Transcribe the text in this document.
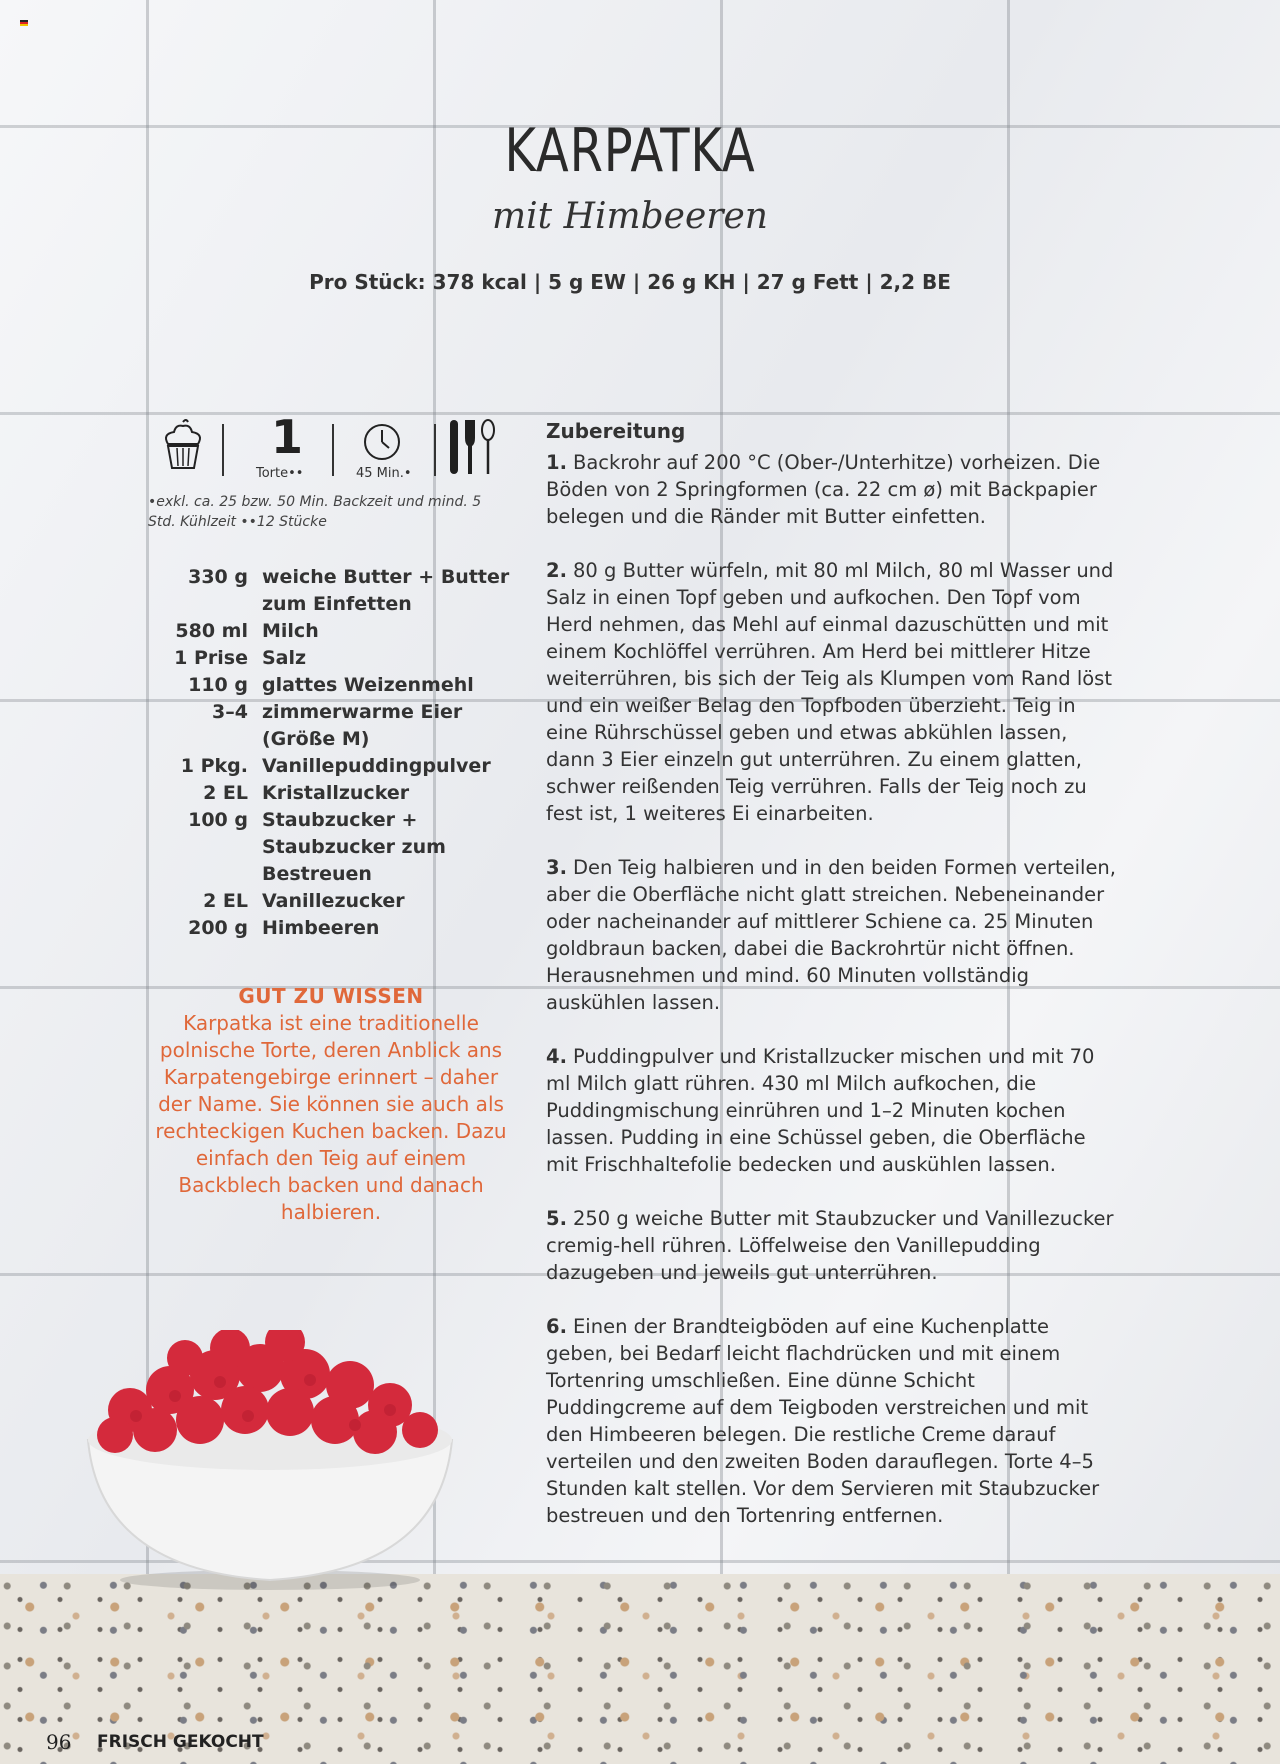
KARPATKA
mit Himbeeren
Pro Stück: 378 kcal | 5 g EW | 26 g KH | 27 g Fett | 2,2 BE
1
Torte••	45 Min.•
•exkl. ca. 25 bzw. 50 Min. Backzeit und mind. 5 Std. Kühlzeit ••12 Stücke
330 g weiche Butter + Butter zum Einfetten
580 ml Milch
1 Prise Salz
110 g glattes Weizenmehl
3–4 zimmerwarme Eier (Größe M)
1 Pkg. Vanillepuddingpulver
2 EL Kristallzucker
100 g Staubzucker + Staubzucker zum Bestreuen
2 EL Vanillezucker
200 g Himbeeren
GUT ZU WISSEN
Karpatka ist eine traditionelle polnische Torte, deren Anblick ans Karpatengebirge erinnert – daher der Name. Sie können sie auch als rechteckigen Kuchen backen. Dazu einfach den Teig auf einem Backblech backen und danach halbieren.
Zubereitung
1. Backrohr auf 200 °C (Ober-/Unterhitze) vorheizen. Die Böden von 2 Springformen (ca. 22 cm ø) mit Backpapier belegen und die Ränder mit Butter einfetten.
2. 80 g Butter würfeln, mit 80 ml Milch, 80 ml Wasser und Salz in einen Topf geben und aufkochen. Den Topf vom Herd nehmen, das Mehl auf einmal dazuschütten und mit einem Kochlöffel verrühren. Am Herd bei mittlerer Hitze weiterrühren, bis sich der Teig als Klumpen vom Rand löst und ein weißer Belag den Topfboden überzieht. Teig in eine Rührschüssel geben und etwas abkühlen lassen, dann 3 Eier einzeln gut unterrühren. Zu einem glatten, schwer reißenden Teig verrühren. Falls der Teig noch zu fest ist, 1 weiteres Ei einarbeiten.
3. Den Teig halbieren und in den beiden Formen verteilen, aber die Oberfläche nicht glatt streichen. Nebeneinander oder nacheinander auf mittlerer Schiene ca. 25 Minuten goldbraun backen, dabei die Backrohrtür nicht öffnen. Herausnehmen und mind. 60 Minuten vollständig auskühlen lassen.
4. Puddingpulver und Kristallzucker mischen und mit 70 ml Milch glatt rühren. 430 ml Milch aufkochen, die Puddingmischung einrühren und 1–2 Minuten kochen lassen. Pudding in eine Schüssel geben, die Oberfläche mit Frischhaltefolie bedecken und auskühlen lassen.
5. 250 g weiche Butter mit Staubzucker und Vanillezucker cremig-hell rühren. Löffelweise den Vanillepudding dazugeben und jeweils gut unterrühren.
6. Einen der Brandteigböden auf eine Kuchenplatte geben, bei Bedarf leicht flachdrücken und mit einem Tortenring umschließen. Eine dünne Schicht Puddingcreme auf dem Teigboden verstreichen und mit den Himbeeren belegen. Die restliche Creme darauf verteilen und den zweiten Boden darauflegen. Torte 4–5 Stunden kalt stellen. Vor dem Servieren mit Staubzucker bestreuen und den Tortenring entfernen.
96 FRISCH GEKOCHT
